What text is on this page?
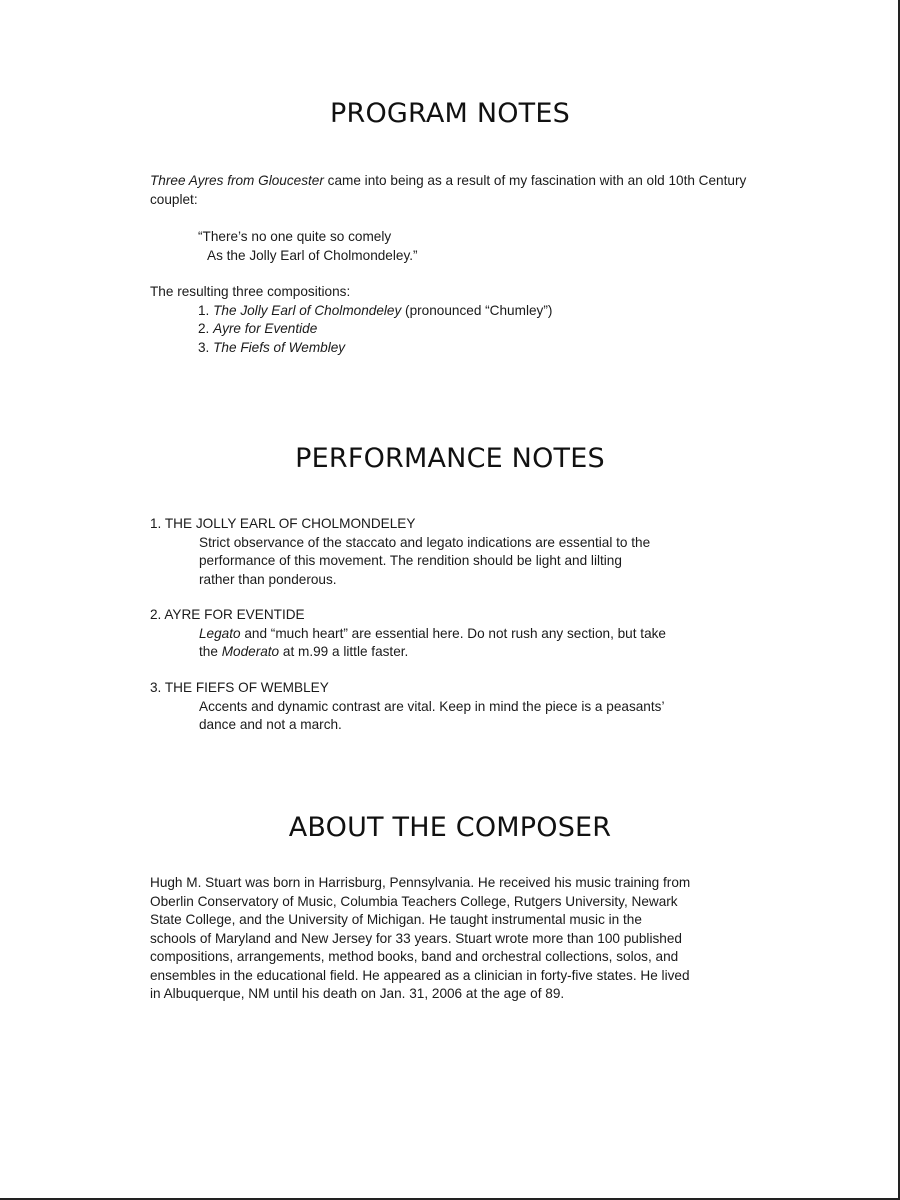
PROGRAM NOTES
Three Ayres from Gloucester came into being as a result of my fascination with an old 10th Century couplet:
“There’s no one quite so comely
As the Jolly Earl of Cholmondeley.”
The resulting three compositions:
1. The Jolly Earl of Cholmondeley (pronounced “Chumley”)
2. Ayre for Eventide
3. The Fiefs of Wembley
PERFORMANCE NOTES
1. THE JOLLY EARL OF CHOLMONDELEY
Strict observance of the staccato and legato indications are essential to the
performance of this movement. The rendition should be light and lilting
rather than ponderous.
2. AYRE FOR EVENTIDE
Legato and “much heart” are essential here. Do not rush any section, but take
the Moderato at m.99 a little faster.
3. THE FIEFS OF WEMBLEY
Accents and dynamic contrast are vital. Keep in mind the piece is a peasants’
dance and not a march.
ABOUT THE COMPOSER
Hugh M. Stuart was born in Harrisburg, Pennsylvania. He received his music training from
Oberlin Conservatory of Music, Columbia Teachers College, Rutgers University, Newark
State College, and the University of Michigan. He taught instrumental music in the
schools of Maryland and New Jersey for 33 years. Stuart wrote more than 100 published
compositions, arrangements, method books, band and orchestral collections, solos, and
ensembles in the educational field. He appeared as a clinician in forty-five states. He lived
in Albuquerque, NM until his death on Jan. 31, 2006 at the age of 89.
